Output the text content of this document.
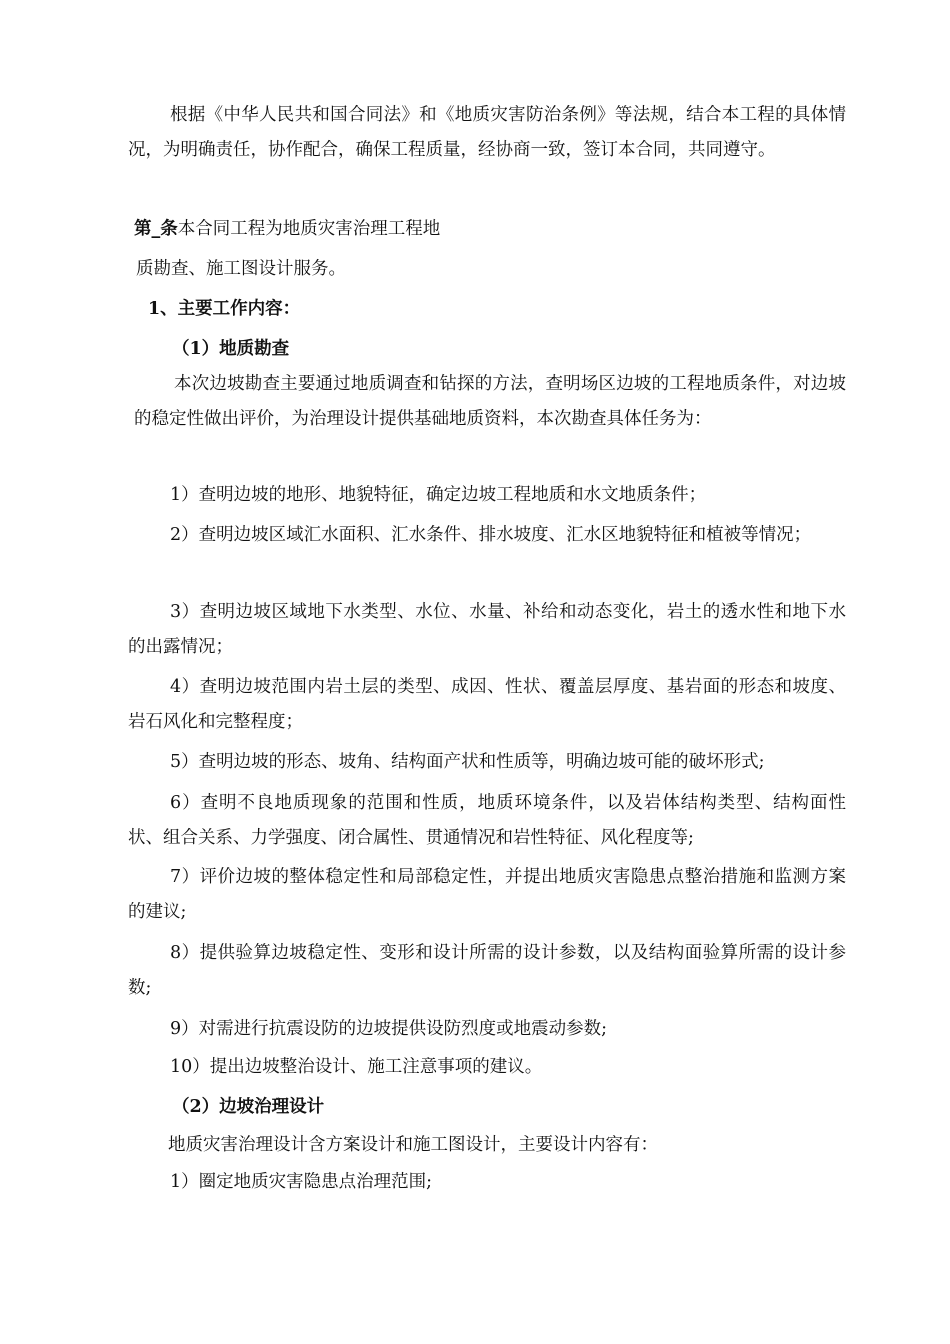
根据《中华人民共和国合同法》和《地质灾害防治条例》等法规，结合本工程的具体情况，为明确责任，协作配合，确保工程质量，经协商一致，签订本合同，共同遵守。

第_条本合同工程为地质灾害治理工程地

质勘查、施工图设计服务。

1、主要工作内容：

（1）地质勘查

本次边坡勘查主要通过地质调查和钻探的方法，查明场区边坡的工程地质条件，对边坡的稳定性做出评价，为治理设计提供基础地质资料，本次勘查具体任务为：

1）查明边坡的地形、地貌特征，确定边坡工程地质和水文地质条件；

2）查明边坡区域汇水面积、汇水条件、排水坡度、汇水区地貌特征和植被等情况；

3）查明边坡区域地下水类型、水位、水量、补给和动态变化，岩土的透水性和地下水的出露情况；

4）查明边坡范围内岩土层的类型、成因、性状、覆盖层厚度、基岩面的形态和坡度、岩石风化和完整程度；

5）查明边坡的形态、坡角、结构面产状和性质等，明确边坡可能的破坏形式;

6）查明不良地质现象的范围和性质，地质环境条件，以及岩体结构类型、结构面性状、组合关系、力学强度、闭合属性、贯通情况和岩性特征、风化程度等;

7）评价边坡的整体稳定性和局部稳定性，并提出地质灾害隐患点整治措施和监测方案的建议;

8）提供验算边坡稳定性、变形和设计所需的设计参数，以及结构面验算所需的设计参数;

9）对需进行抗震设防的边坡提供设防烈度或地震动参数;

10）提出边坡整治设计、施工注意事项的建议。

（2）边坡治理设计

地质灾害治理设计含方案设计和施工图设计，主要设计内容有：

1）圈定地质灾害隐患点治理范围;
